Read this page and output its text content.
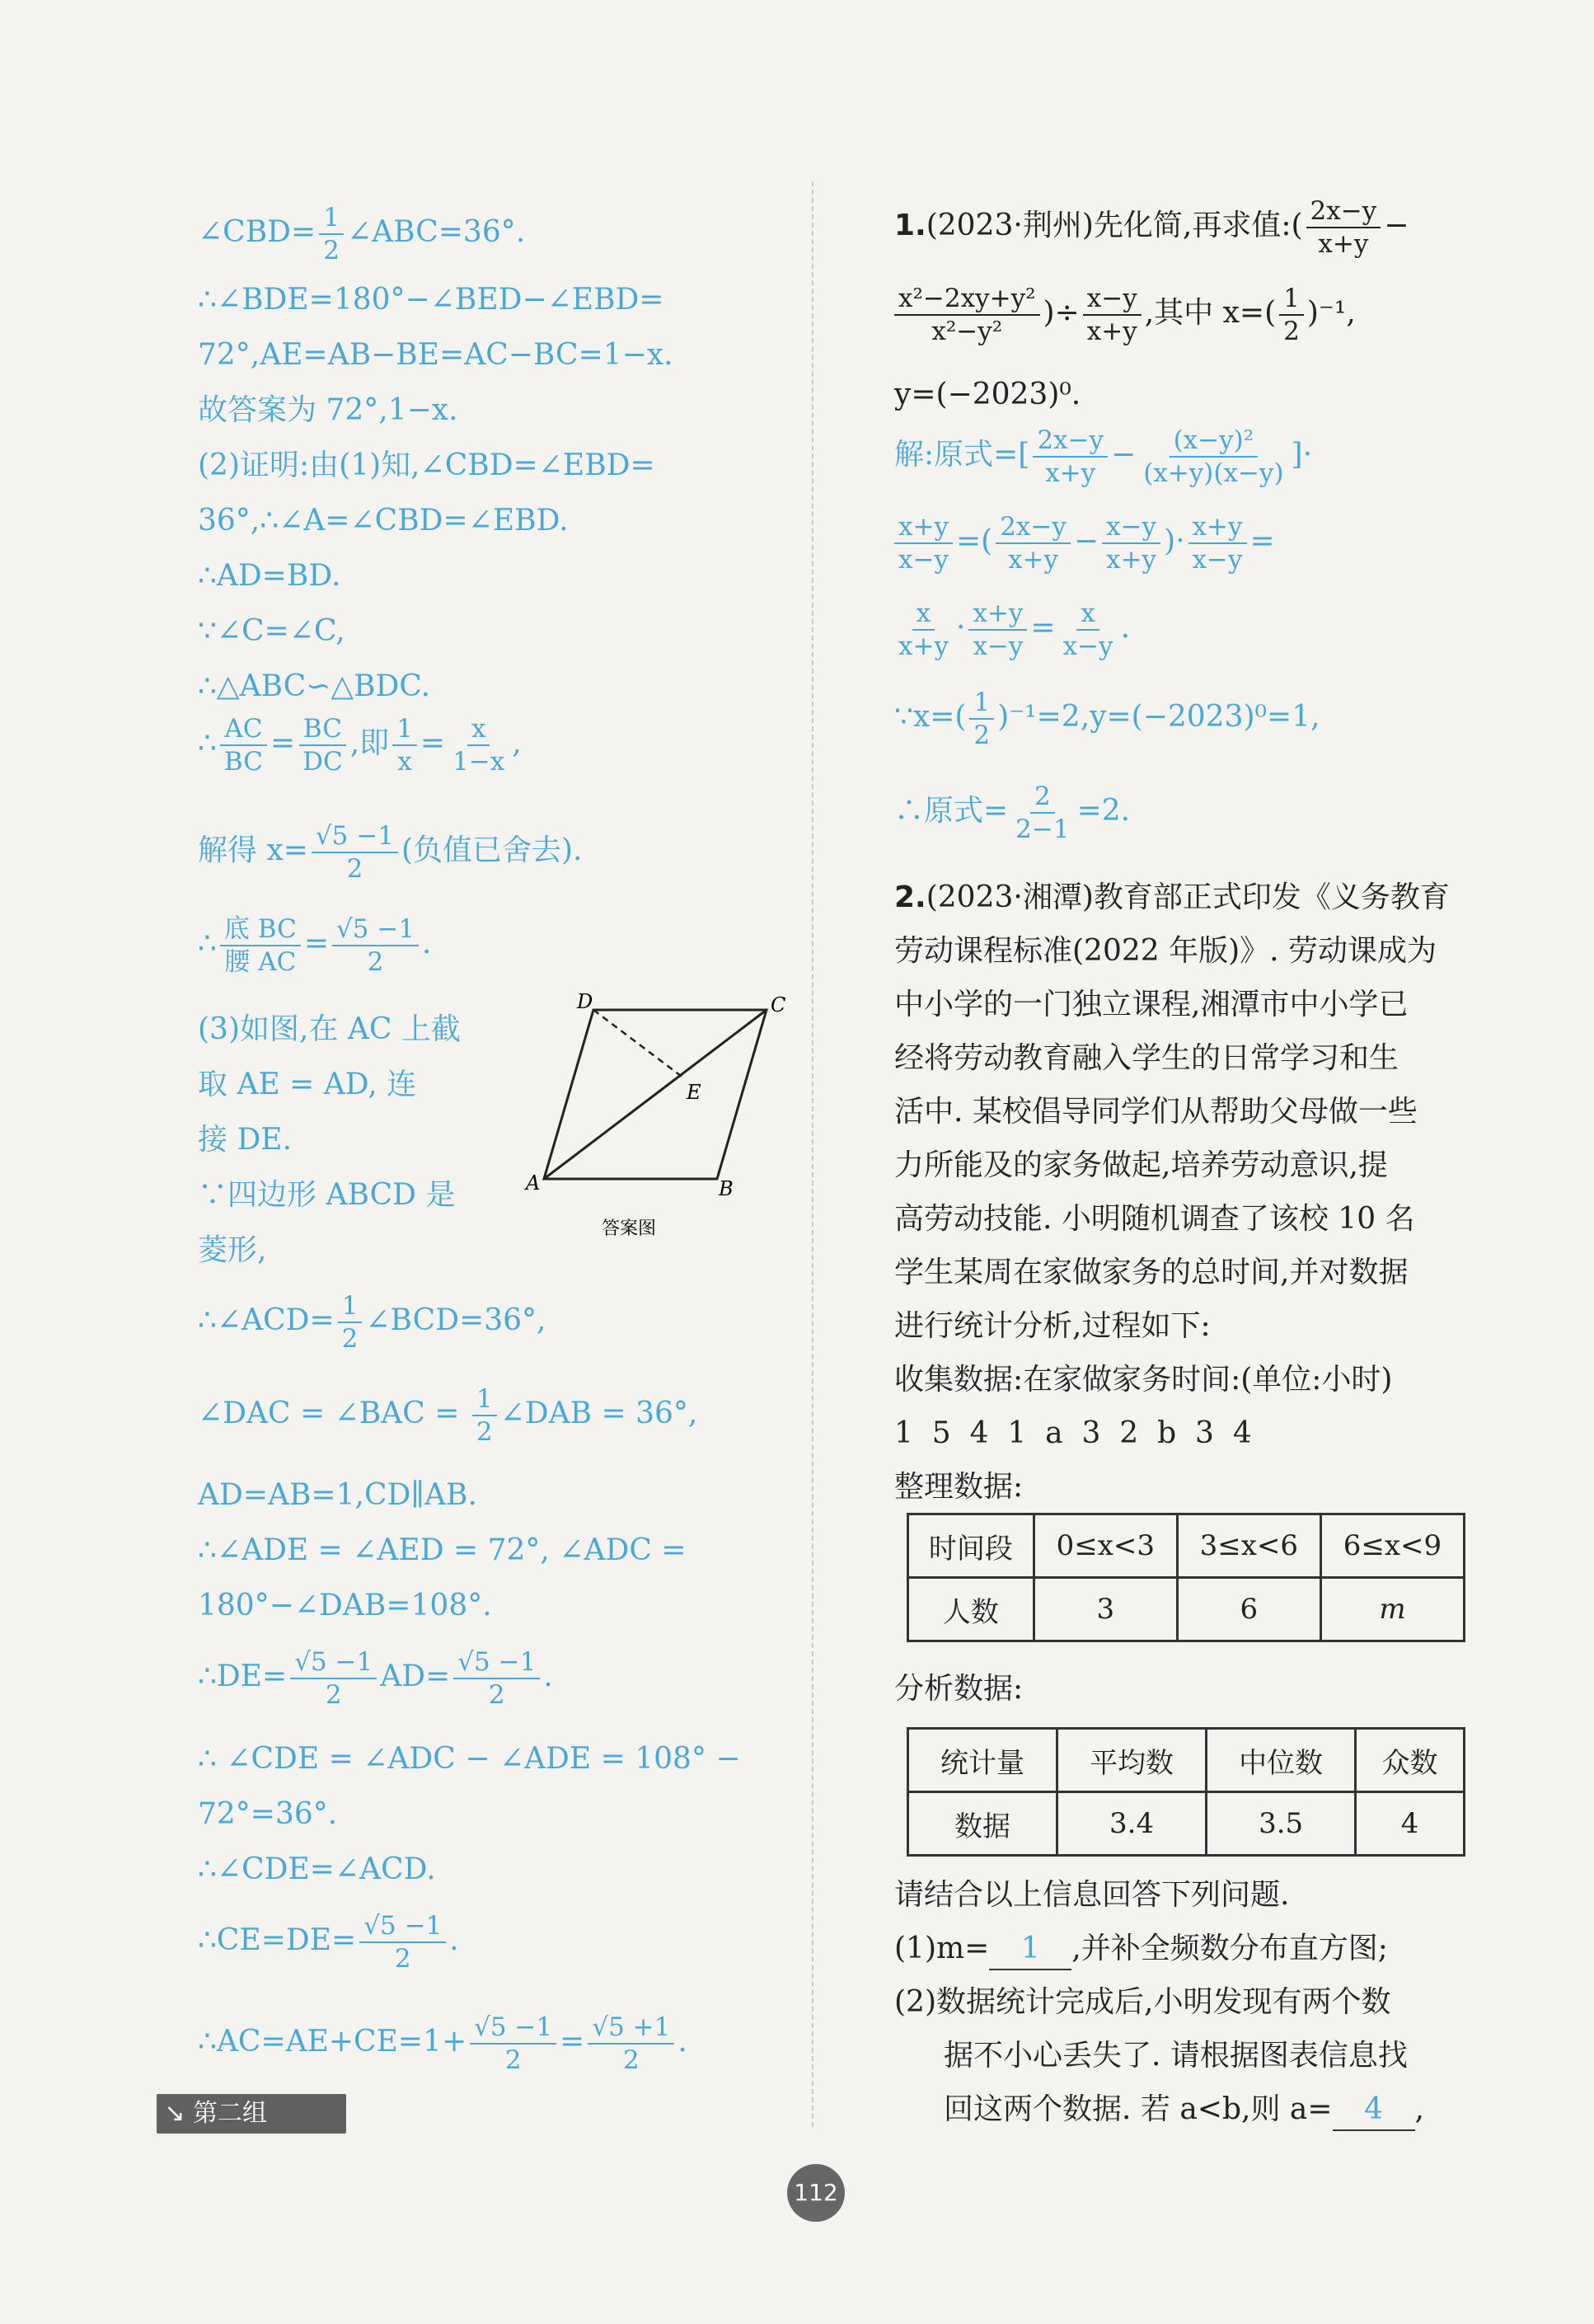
∠CBD= $\frac{1}{2}$ ∠ABC=36°.
∴∠BDE=180°−∠BED−∠EBD=
72°,AE=AB−BE=AC−BC=1−x.
故答案为 72°,1−x.
(2)证明:由(1)知,∠CBD=∠EBD=
36°,∴∠A=∠CBD=∠EBD.
∴AD=BD.
∵∠C=∠C,
∴△ABC∽△BDC.
∴ $\frac{AC}{BC} = \frac{BC}{DC}$ ,即 $\frac{1}{x} = \frac{x}{1-x}$ ,
解得 $x= \frac{√5 -1}{2}$ (负值已舍去).
∴ $\frac{\text{底 BC}}{\text{腰 AC}} = \frac{√5 -1}{2}$ .
(3)如图,在 AC 上截
取 AE = AD, 连
接 DE.
∵四边形 ABCD 是
菱形,
∴∠ACD= $\frac{1}{2}$ ∠BCD=36°,
∠DAC = ∠BAC = $\frac{1}{2}$ ∠DAB = 36°,
AD=AB=1,CD∥AB.
∴∠ADE = ∠AED = 72°, ∠ADC =
180°−∠DAB=108°.
∴DE= $\frac{√5 -1}{2} AD= \frac{√5 -1}{2}$ .
∴ ∠CDE = ∠ADC − ∠ADE = 108° −
72°=36°.
∴∠CDE=∠ACD.
∴CE=DE= $\frac{√5 -1}{2}$ .
∴AC=AE+CE=1+ $\frac{√5 -1}{2} = \frac{√5 +1}{2}$ .
D	C
E
A	B
答案图
1.(2023·荆州)先化简,再求值:( $\frac{2x-y}{x+y}$ −
$\frac{\text{x²−2xy+y²}}{\text{x²−y²}}$ )÷ $\frac{x-y}{x+y}$ ,其中 $x=( \frac{1}{2} )^{-1}$,
y=(−2023)⁰.
解:原式=[ $\frac{2x-y}{x+y} - \frac{\text{(x−y)²}}{(x+y)(x-y)}$ ]·
$\frac{x+y}{x-y}$ =( $\frac{2x-y}{x+y} - \frac{x-y}{x+y}$ )· $\frac{x+y}{x-y}$ =
$\frac{x}{x+y} \cdot \frac{x+y}{x-y} = \frac{x}{x-y}$ .
∵x=( $\frac{1}{2} )^{-1}=2,y=(-2023)^0=1$,
∴原式= $\frac{2}{2-1} =2$.
2.(2023·湘潭)教育部正式印发《义务教育
劳动课程标准(2022 年版)》. 劳动课成为
中小学的一门独立课程,湘潭市中小学已
经将劳动教育融入学生的日常学习和生
活中. 某校倡导同学们从帮助父母做一些
力所能及的家务做起,培养劳动意识,提
高劳动技能. 小明随机调查了该校 10 名
学生某周在家做家务的总时间,并对数据
进行统计分析,过程如下:
收集数据:在家做家务时间:(单位:小时)
1  5  4  1  a  3  2  b  3  4
整理数据:
分析数据:
请结合以上信息回答下列问题.
(1)m= 1 ,并补全频数分布直方图;
(2)数据统计完成后,小明发现有两个数
据不小心丢失了. 请根据图表信息找
回这两个数据. 若 a<b,则 a= 4 ,
时间段	0≤x<3	3≤x<6	6≤x<9
人数	3	6	m
统计量	平均数	中位数	众数
数据	3.4	3.5	4
↘ 第二组
112
